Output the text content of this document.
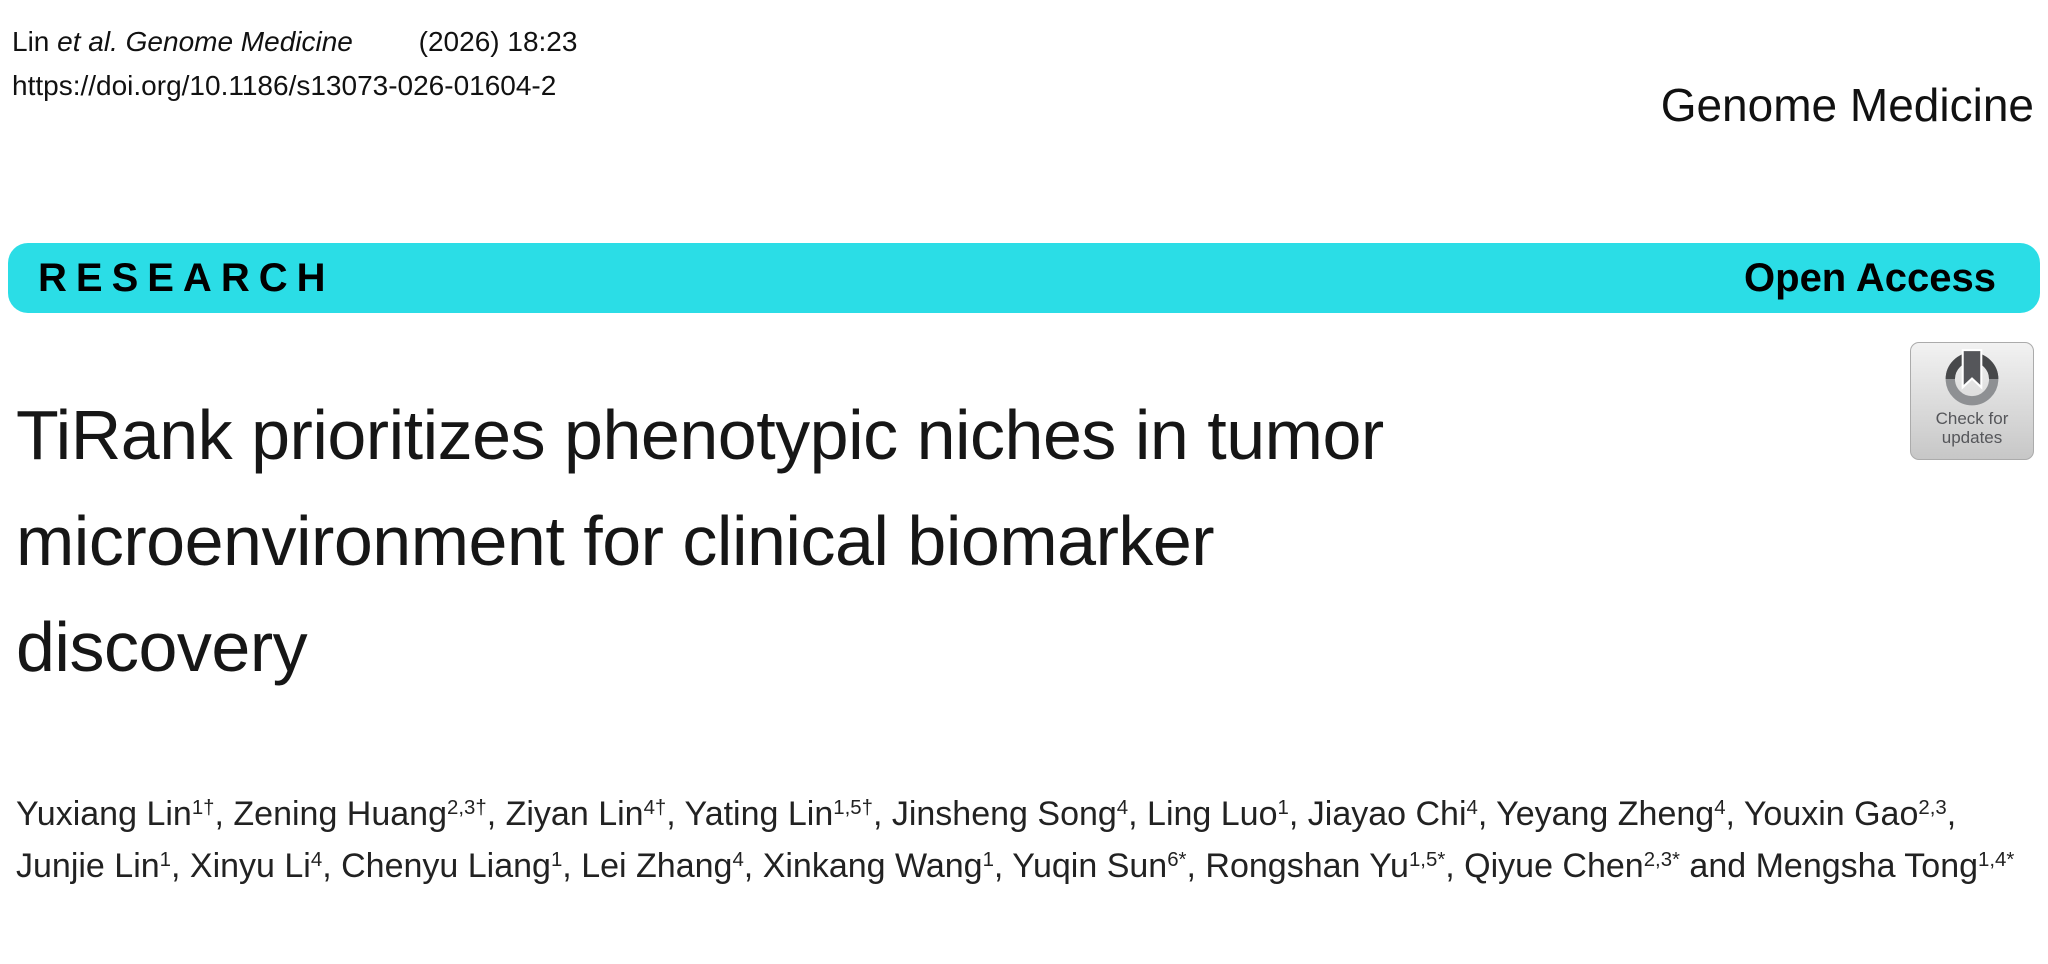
Lin et al. Genome Medicine (2026) 18:23
https://doi.org/10.1186/s13073-026-01604-2	Genome Medicine
RESEARCH	Open Access
Check for
updates
TiRank prioritizes phenotypic niches in tumor
microenvironment for clinical biomarker
discovery
Yuxiang Lin$^{1\dagger}$, Zening Huang$^{2,3\dagger}$, Ziyan Lin$^{4\dagger}$, Yating Lin$^{1,5\dagger}$, Jinsheng Song$^4$, Ling Luo$^1$, Jiayao Chi$^4$, Yeyang Zheng$^4$, Youxin Gao$^{2,3}$, Junjie Lin$^1$, Xinyu Li$^4$, Chenyu Liang$^1$, Lei Zhang$^4$, Xinkang Wang$^1$, Yuqin Sun$^{6*}$, Rongshan $Yu^{1,5*}$, Qiyue Chen$^{2,3*}$ and Mengsha Tong$^{1,4*}$
